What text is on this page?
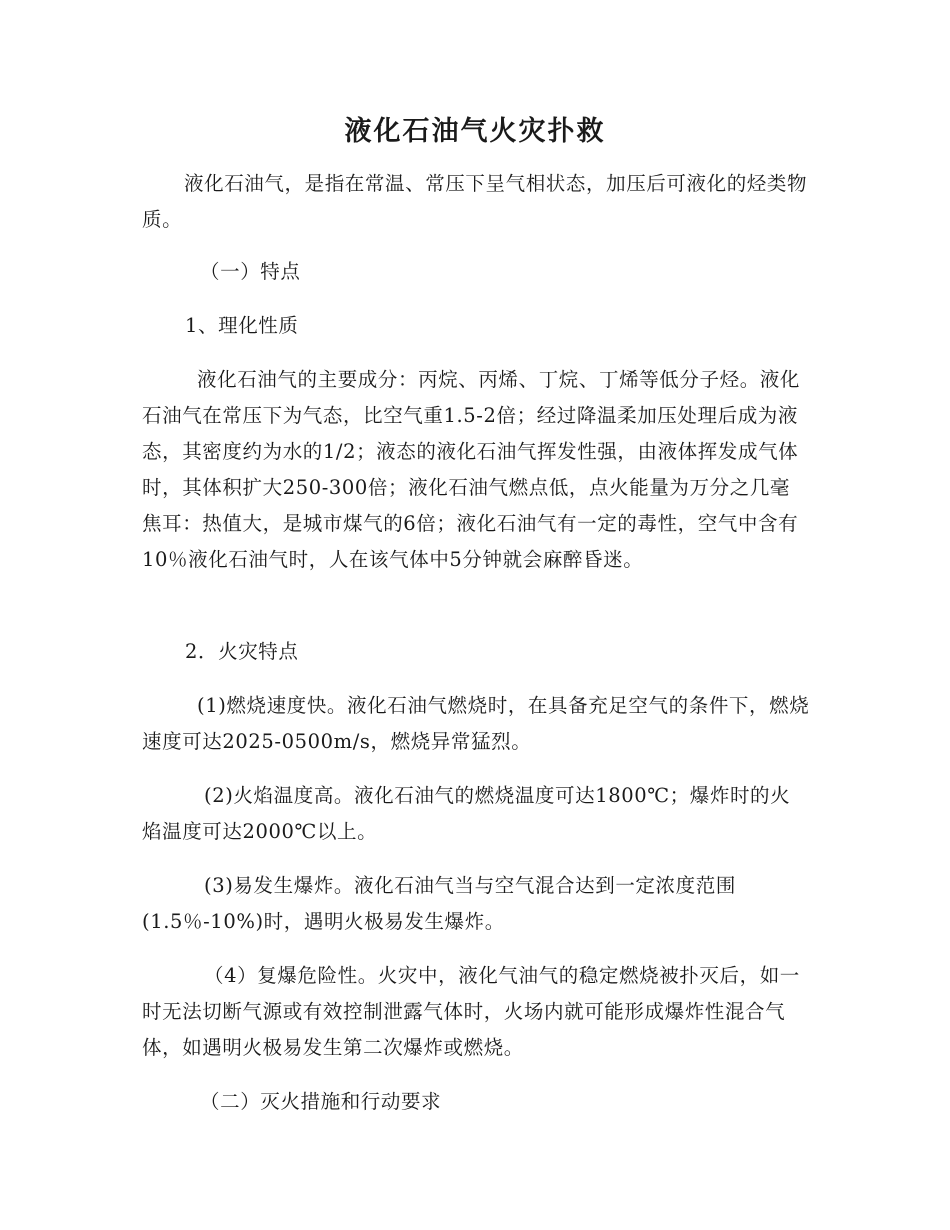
液化石油气火灾扑救

液化石油气，是指在常温、常压下呈气相状态，加压后可液化的烃类物质。

（一）特点

1、理化性质

液化石油气的主要成分：丙烷、丙烯、丁烷、丁烯等低分子烃。液化石油气在常压下为气态，比空气重1.5-2倍；经过降温柔加压处理后成为液态，其密度约为水的1/2；液态的液化石油气挥发性强，由液体挥发成气体时，其体积扩大250-300倍；液化石油气燃点低，点火能量为万分之几毫焦耳：热值大，是城市煤气的6倍；液化石油气有一定的毒性，空气中含有10％液化石油气时，人在该气体中5分钟就会麻醉昏迷。

2．火灾特点

(1)燃烧速度快。液化石油气燃烧时，在具备充足空气的条件下，燃烧速度可达2025-0500m/s，燃烧异常猛烈。

(2)火焰温度高。液化石油气的燃烧温度可达1800℃；爆炸时的火焰温度可达2000℃以上。

(3)易发生爆炸。液化石油气当与空气混合达到一定浓度范围(1.5％-10%)时，遇明火极易发生爆炸。

（4）复爆危险性。火灾中，液化气油气的稳定燃烧被扑灭后，如一时无法切断气源或有效控制泄露气体时，火场内就可能形成爆炸性混合气体，如遇明火极易发生第二次爆炸或燃烧。

（二）灭火措施和行动要求
